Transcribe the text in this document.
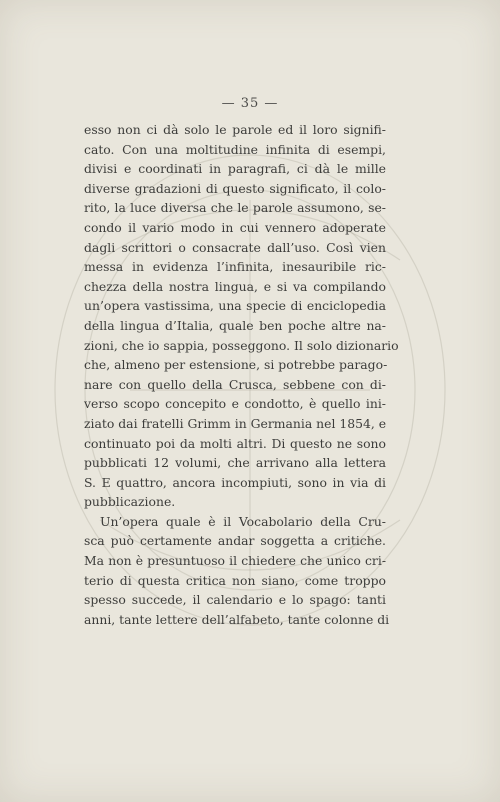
— 35 —

esso non ci dà solo le parole ed il loro signifi-
cato. Con una moltitudine infinita di esempi,
divisi e coordinati in paragrafi, ci dà le mille
diverse gradazioni di questo significato, il colo-
rito, la luce diversa che le parole assumono, se-
condo il vario modo in cui vennero adoperate
dagli scrittori o consacrate dall’uso. Così vien
messa in evidenza l’infinita, inesauribile ric-
chezza della nostra lingua, e si va compilando
un’opera vastissima, una specie di enciclopedia
della lingua d’Italia, quale ben poche altre na-
zioni, che io sappia, posseggono. Il solo dizionario
che, almeno per estensione, si potrebbe parago-
nare con quello della Crusca, sebbene con di-
verso scopo concepito e condotto, è quello ini-
ziato dai fratelli Grimm in Germania nel 1854, e
continuato poi da molti altri. Di questo ne sono
pubblicati 12 volumi, che arrivano alla lettera
S. E quattro, ancora incompiuti, sono in via di
pubblicazione.

Un’opera quale è il Vocabolario della Cru-
sca può certamente andar soggetta a critiche.
Ma non è presuntuoso il chiedere che unico cri-
terio di questa critica non siano, come troppo
spesso succede, il calendario e lo spago: tanti
anni, tante lettere dell’alfabeto, tante colonne di
